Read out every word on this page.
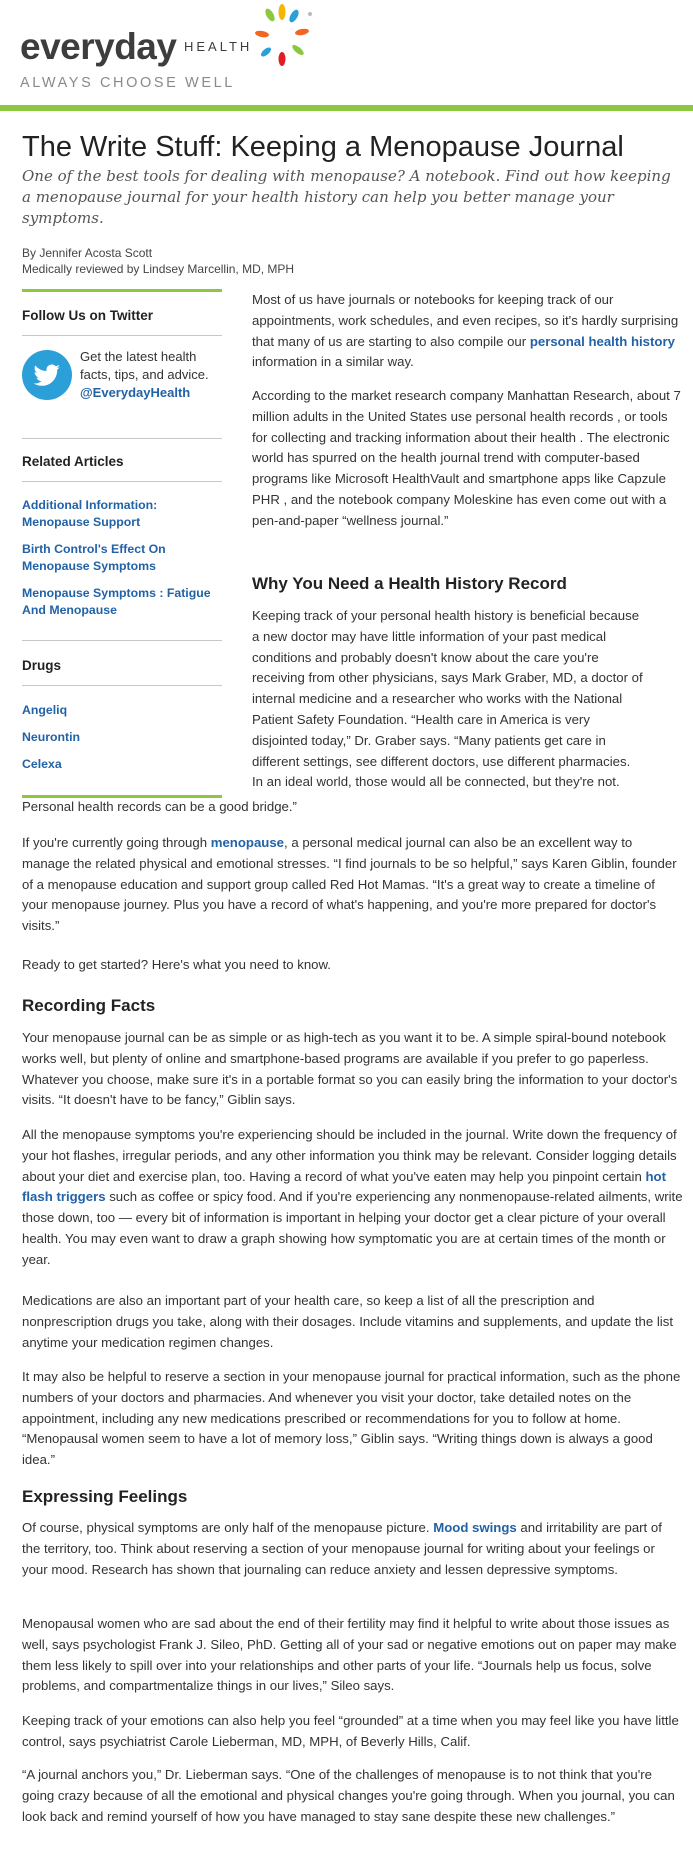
everyday HEALTH
ALWAYS CHOOSE WELL
The Write Stuff: Keeping a Menopause Journal

One of the best tools for dealing with menopause? A notebook. Find out how keeping a menopause journal for your health history can help you better manage your symptoms.

By Jennifer Acosta Scott
Medically reviewed by Lindsey Marcellin, MD, MPH
Follow Us on Twitter
Get the latest health facts, tips, and advice.
@EverydayHealth
Related Articles
Additional Information: Menopause Support
Birth Control's Effect On Menopause Symptoms
Menopause Symptoms : Fatigue And Menopause
Drugs
Angeliq
Neurontin
Celexa

Most of us have journals or notebooks for keeping track of our appointments, work schedules, and even recipes, so it's hardly surprising that many of us are starting to also compile our personal health history information in a similar way.

According to the market research company Manhattan Research, about 7 million adults in the United States use personal health records , or tools for collecting and tracking information about their health . The electronic world has spurred on the health journal trend with computer-based programs like Microsoft HealthVault and smartphone apps like Capzule PHR , and the notebook company Moleskine has even come out with a pen-and-paper “wellness journal.”

Why You Need a Health History Record
Keeping track of your personal health history is beneficial because
a new doctor may have little information of your past medical
conditions and probably doesn't know about the care you're
receiving from other physicians, says Mark Graber, MD, a doctor of
internal medicine and a researcher who works with the National
Patient Safety Foundation. “Health care in America is very
disjointed today,” Dr. Graber says. “Many patients get care in
different settings, see different doctors, use different pharmacies.
In an ideal world, those would all be connected, but they're not.
Personal health records can be a good bridge.”

If you're currently going through menopause, a personal medical journal can also be an excellent way to manage the related physical and emotional stresses. “I find journals to be so helpful,” says Karen Giblin, founder of a menopause education and support group called Red Hot Mamas. “It's a great way to create a timeline of your menopause journey. Plus you have a record of what's happening, and you're more prepared for doctor's visits.”

Ready to get started? Here's what you need to know.

Recording Facts

Your menopause journal can be as simple or as high-tech as you want it to be. A simple spiral-bound notebook works well, but plenty of online and smartphone-based programs are available if you prefer to go paperless. Whatever you choose, make sure it's in a portable format so you can easily bring the information to your doctor's visits. “It doesn't have to be fancy,” Giblin says.

All the menopause symptoms you're experiencing should be included in the journal. Write down the frequency of your hot flashes, irregular periods, and any other information you think may be relevant. Consider logging details about your diet and exercise plan, too. Having a record of what you've eaten may help you pinpoint certain hot flash triggers such as coffee or spicy food. And if you're experiencing any nonmenopause-related ailments, write those down, too — every bit of information is important in helping your doctor get a clear picture of your overall health. You may even want to draw a graph showing how symptomatic you are at certain times of the month or year.

Medications are also an important part of your health care, so keep a list of all the prescription and nonprescription drugs you take, along with their dosages. Include vitamins and supplements, and update the list anytime your medication regimen changes.

It may also be helpful to reserve a section in your menopause journal for practical information, such as the phone numbers of your doctors and pharmacies. And whenever you visit your doctor, take detailed notes on the appointment, including any new medications prescribed or recommendations for you to follow at home. “Menopausal women seem to have a lot of memory loss,” Giblin says. “Writing things down is always a good idea.”

Expressing Feelings

Of course, physical symptoms are only half of the menopause picture. Mood swings and irritability are part of the territory, too. Think about reserving a section of your menopause journal for writing about your feelings or your mood. Research has shown that journaling can reduce anxiety and lessen depressive symptoms.

Menopausal women who are sad about the end of their fertility may find it helpful to write about those issues as well, says psychologist Frank J. Sileo, PhD. Getting all of your sad or negative emotions out on paper may make them less likely to spill over into your relationships and other parts of your life. “Journals help us focus, solve problems, and compartmentalize things in our lives,” Sileo says.

Keeping track of your emotions can also help you feel “grounded” at a time when you may feel like you have little control, says psychiatrist Carole Lieberman, MD, MPH, of Beverly Hills, Calif.

“A journal anchors you,” Dr. Lieberman says. “One of the challenges of menopause is to not think that you're going crazy because of all the emotional and physical changes you're going through. When you journal, you can look back and remind yourself of how you have managed to stay sane despite these new challenges.”
